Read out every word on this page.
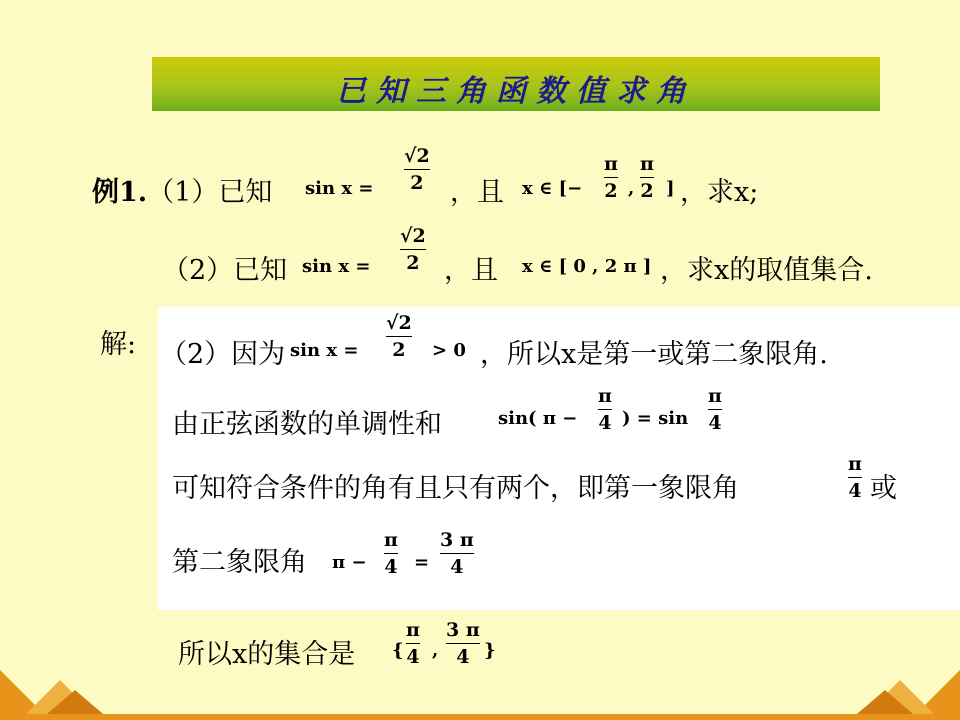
已知三角函数值求角
例1.（1）已知 sin x =
√2
2 ，且 x ∈ [−
π
2 ,
π
2 ] ，求x;
（2）已知 sin x =
√2
2 ，且 x ∈ [ 0 , 2 π ] ，求x的取值集合.
解: （2）因为 sin x =
√2
2 > 0 ，所以x是第一或第二象限角.
由正弦函数的单调性和	sin( π −
π
4 ) = sin
π
4
可知符合条件的角有且只有两个，即第一象限角
π
4 或
第二象限角 π −
π
4 =
3 π
4
所以x的集合是 {
π
4 ,
3 π
4 }
